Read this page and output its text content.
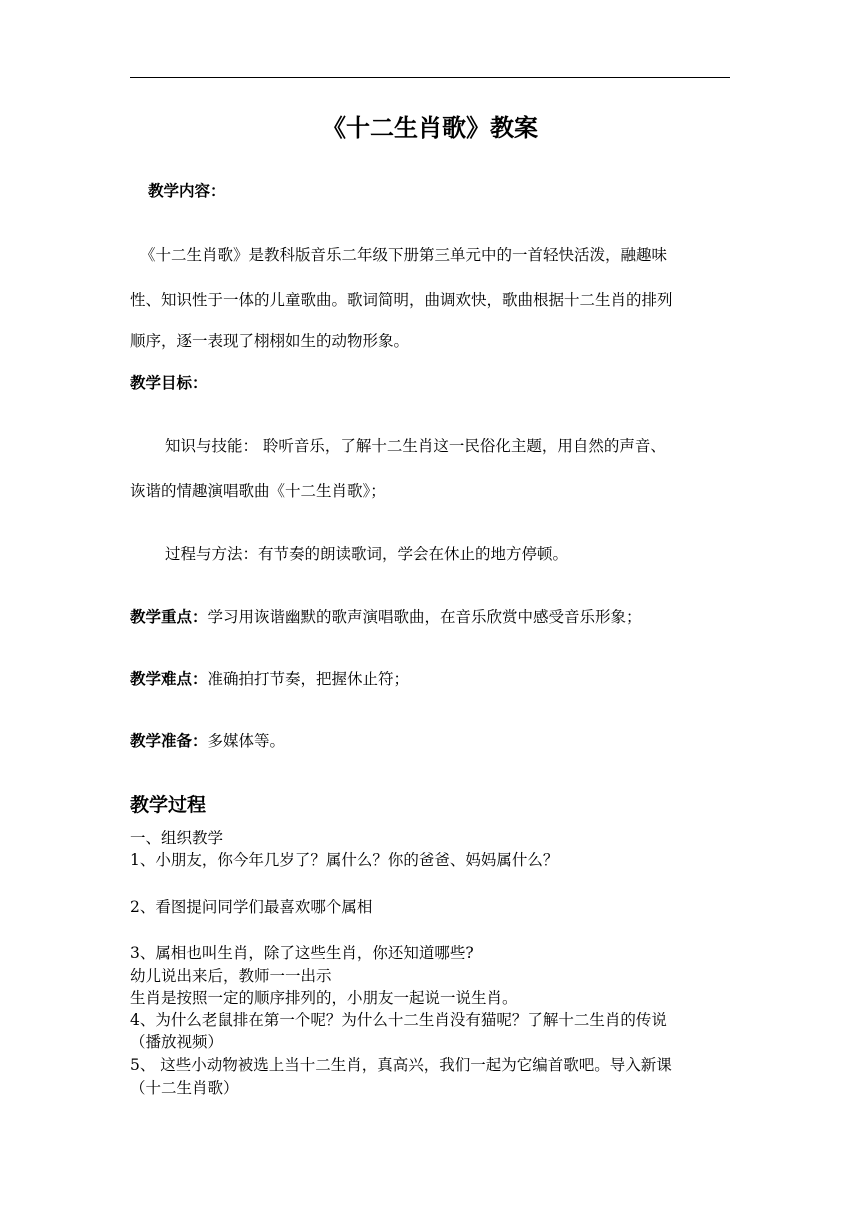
《十二生肖歌》教案
教学内容：
《十二生肖歌》是教科版音乐二年级下册第三单元中的一首轻快活泼，融趣味
性、知识性于一体的儿童歌曲。歌词简明，曲调欢快，歌曲根据十二生肖的排列
顺序，逐一表现了栩栩如生的动物形象。
教学目标：
知识与技能： 聆听音乐，了解十二生肖这一民俗化主题，用自然的声音、
诙谐的情趣演唱歌曲《十二生肖歌》；
过程与方法：有节奏的朗读歌词，学会在休止的地方停顿。
教学重点：学习用诙谐幽默的歌声演唱歌曲，在音乐欣赏中感受音乐形象；
教学难点：准确拍打节奏，把握休止符；
教学准备：多媒体等。
教学过程
一、组织教学
1、小朋友，你今年几岁了？属什么？你的爸爸、妈妈属什么？
2、看图提问同学们最喜欢哪个属相
3、属相也叫生肖，除了这些生肖，你还知道哪些?
幼儿说出来后，教师一一出示
生肖是按照一定的顺序排列的，小朋友一起说一说生肖。
4、为什么老鼠排在第一个呢？为什么十二生肖没有猫呢？了解十二生肖的传说
（播放视频）
5、 这些小动物被选上当十二生肖，真高兴，我们一起为它编首歌吧。导入新课
（十二生肖歌）
